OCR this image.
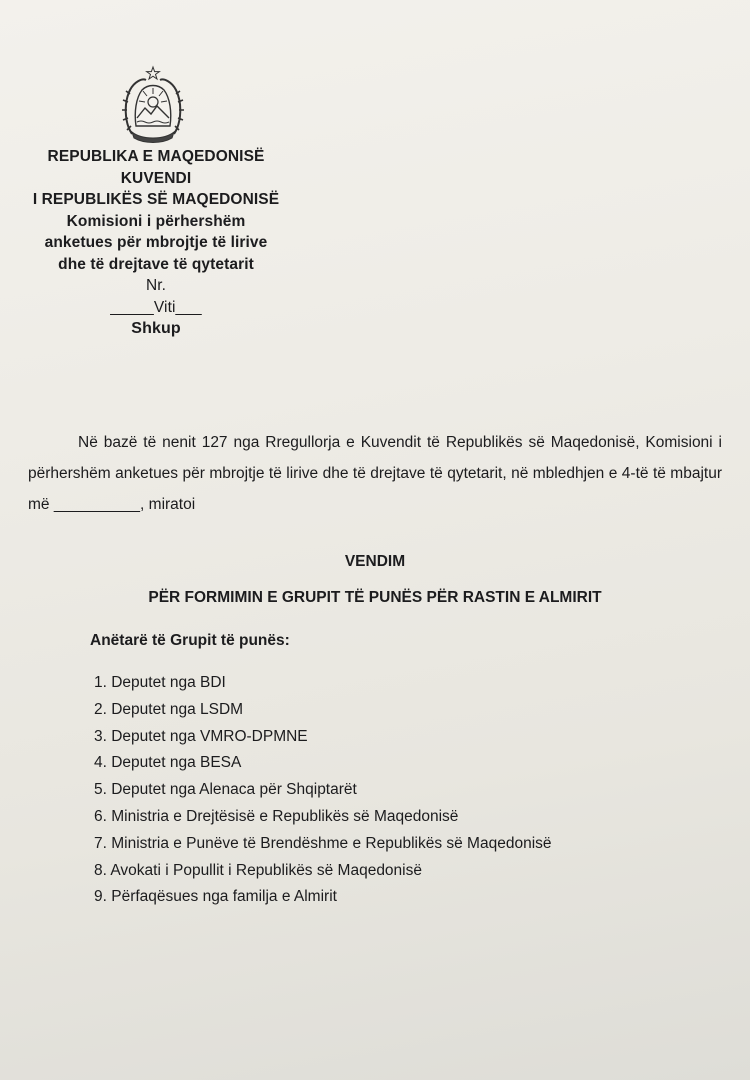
REPUBLIKA E MAQEDONISË
KUVENDI
I REPUBLIKËS SË MAQEDONISË
Komisioni i përhershëm
anketues për mbrojtje të lirive
dhe të drejtave të qytetarit
Nr.
_____Viti___
Shkup
Në bazë të nenit 127 nga Rregullorja e Kuvendit të Republikës së Maqedonisë, Komisioni i përhershëm anketues për mbrojtje të lirive dhe të drejtave të qytetarit, në mbledhjen e 4-të të mbajtur më __________, miratoi
VENDIM
PËR FORMIMIN E GRUPIT TË PUNËS PËR RASTIN E ALMIRIT
Anëtarë të Grupit të punës:
1. Deputet nga BDI
2. Deputet nga LSDM
3. Deputet nga VMRO-DPMNE
4. Deputet nga BESA
5. Deputet nga Alenaca për Shqiptarët
6. Ministria e Drejtësisë e Republikës së Maqedonisë
7. Ministria e Punëve të Brendëshme e Republikës së Maqedonisë
8. Avokati i Popullit i Republikës së Maqedonisë
9. Përfaqësues nga familja e Almirit
